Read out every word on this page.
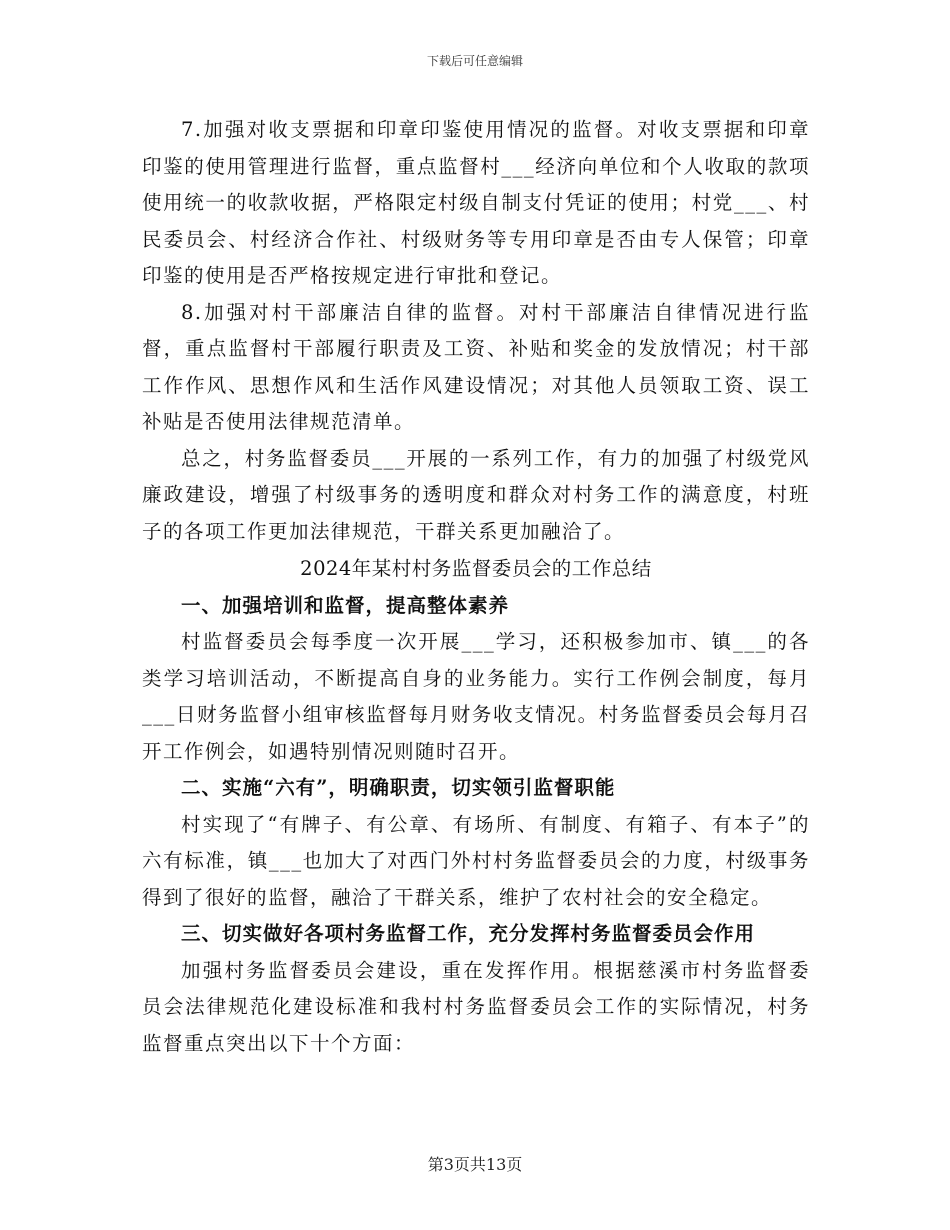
下载后可任意编辑

7.加强对收支票据和印章印鉴使用情况的监督。对收支票据和印章印鉴的使用管理进行监督，重点监督村___经济向单位和个人收取的款项使用统一的收款收据，严格限定村级自制支付凭证的使用；村党___、村民委员会、村经济合作社、村级财务等专用印章是否由专人保管；印章印鉴的使用是否严格按规定进行审批和登记。

8.加强对村干部廉洁自律的监督。对村干部廉洁自律情况进行监督，重点监督村干部履行职责及工资、补贴和奖金的发放情况；村干部工作作风、思想作风和生活作风建设情况；对其他人员领取工资、误工补贴是否使用法律规范清单。

总之，村务监督委员___开展的一系列工作，有力的加强了村级党风廉政建设，增强了村级事务的透明度和群众对村务工作的满意度，村班子的各项工作更加法律规范，干群关系更加融洽了。

2024年某村村务监督委员会的工作总结

一、加强培训和监督，提高整体素养

村监督委员会每季度一次开展___学习，还积极参加市、镇___的各类学习培训活动，不断提高自身的业务能力。实行工作例会制度，每月___日财务监督小组审核监督每月财务收支情况。村务监督委员会每月召开工作例会，如遇特别情况则随时召开。

二、实施“六有”，明确职责，切实领引监督职能

村实现了“有牌子、有公章、有场所、有制度、有箱子、有本子”的六有标准，镇___也加大了对西门外村村务监督委员会的力度，村级事务得到了很好的监督，融洽了干群关系，维护了农村社会的安全稳定。

三、切实做好各项村务监督工作，充分发挥村务监督委员会作用

加强村务监督委员会建设，重在发挥作用。根据慈溪市村务监督委员会法律规范化建设标准和我村村务监督委员会工作的实际情况，村务监督重点突出以下十个方面：

第3页共13页
